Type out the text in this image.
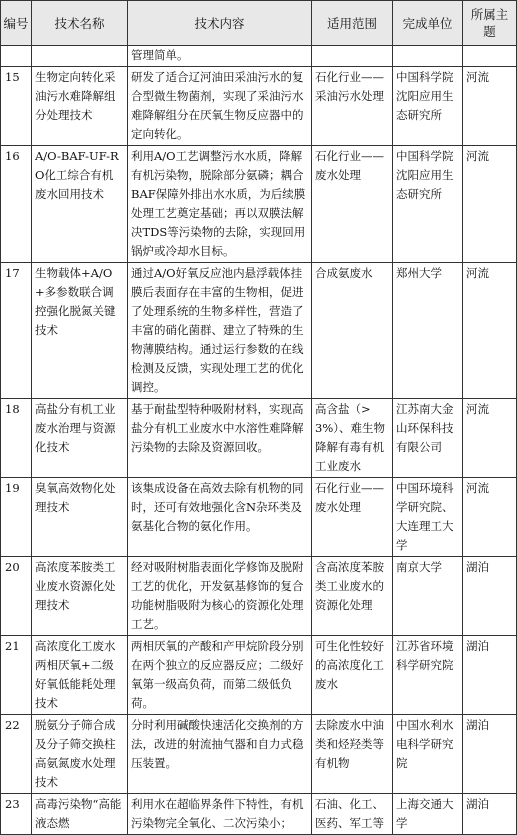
编号	技术名称	技术内容	适用范围	完成单位	所属主题
		管理简单。			
15	生物定向转化采油污水难降解组分处理技术	研发了适合辽河油田采油污水的复合型微生物菌剂，实现了采油污水难降解组分在厌氧生物反应器中的定向转化。	石化行业——采油污水处理	中国科学院沈阳应用生态研究所	河流
16	A/O-BAF-UF-RO化工综合有机废水回用技术	利用A/O工艺调整污水水质，降解有机污染物，脱除部分氨磷；耦合BAF保障外排出水水质，为后续膜处理工艺奠定基础；再以双膜法解决TDS等污染物的去除，实现回用锅炉或冷却水目标。	石化行业——废水处理	中国科学院沈阳应用生态研究所	河流
17	生物载体+A/O+多参数联合调控强化脱氮关键技术	通过A/O好氧反应池内悬浮载体挂膜后表面存在丰富的生物相，促进了处理系统的生物多样性，营造了丰富的硝化菌群、建立了特殊的生物薄膜结构。通过运行参数的在线检测及反馈，实现处理工艺的优化调控。	合成氨废水	郑州大学	河流
18	高盐分有机工业废水治理与资源化技术	基于耐盐型特种吸附材料，实现高盐分有机工业废水中水溶性难降解污染物的去除及资源回收。	高含盐（>3%）、难生物降解有毒有机工业废水	江苏南大金山环保科技有限公司	河流
19	臭氧高效物化处理技术	该集成设备在高效去除有机物的同时，还可有效地强化含N杂环类及氨基化合物的氨化作用。	石化行业——废水处理	中国环境科学研究院、大连理工大学	河流
20	高浓度苯胺类工业废水资源化处理技术	经对吸附树脂表面化学修饰及脱附工艺的优化，开发氨基修饰的复合功能树脂吸附为核心的资源化处理工艺。	含高浓度苯胺类工业废水的资源化处理	南京大学	湖泊
21	高浓度化工废水两相厌氧+二级好氧低能耗处理技术	两相厌氧的产酸和产甲烷阶段分别在两个独立的反应器反应；二级好氧第一级高负荷，而第二级低负荷。	可生化性较好的高浓度化工废水	江苏省环境科学研究院	湖泊
22	脱氨分子筛合成及分子筛交换柱高氨氮废水处理技术	分时利用碱酸快速活化交换剂的方法，改进的射流抽气器和自力式稳压装置。	去除废水中油类和烃羟类等有机物	中国水利水电科学研究院	湖泊
23	高毒污染物“高能液态燃	利用水在超临界条件下特性，有机污染物完全氧化、二次污染小；	石油、化工、医药、军工等	上海交通大学	湖泊
